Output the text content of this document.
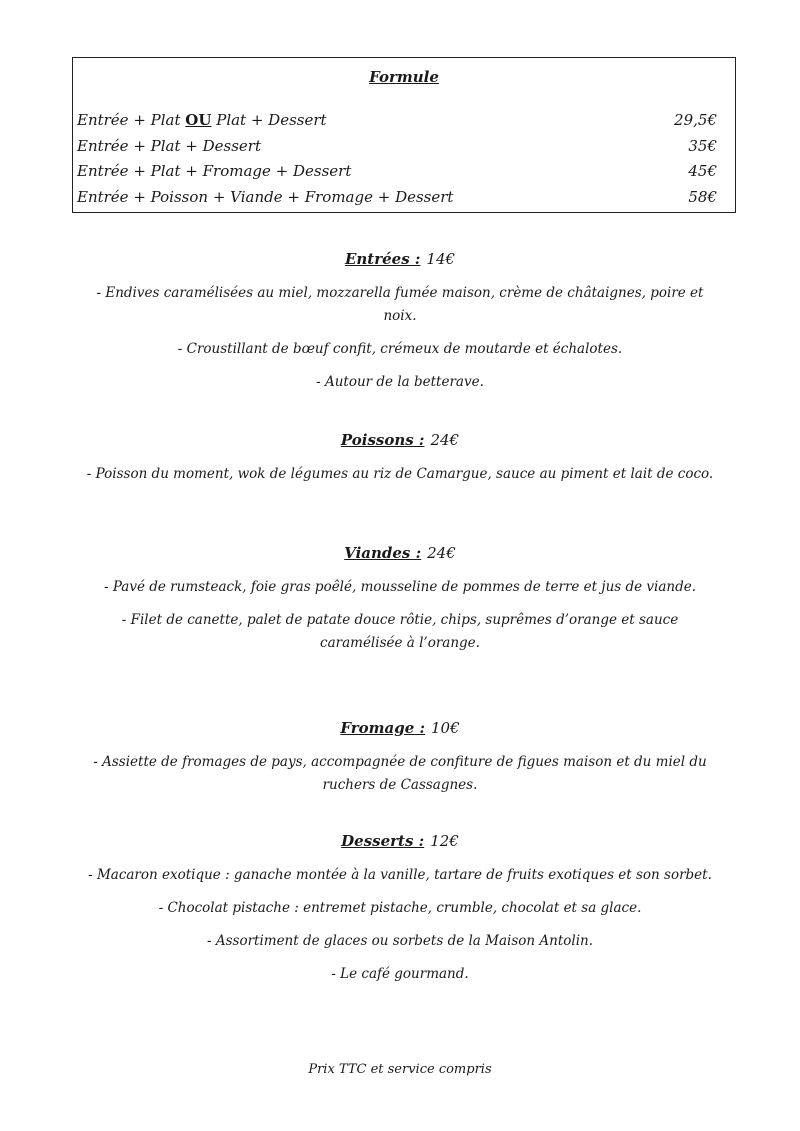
Formule
Entrée + Plat OU Plat + Dessert	29,5€
Entrée + Plat + Dessert	35€
Entrée + Plat + Fromage + Dessert	45€
Entrée + Poisson + Viande + Fromage + Dessert	58€
Entrées : 14€
- Endives caramélisées au miel, mozzarella fumée maison, crème de châtaignes, poire et noix.
- Croustillant de bœuf confit, crémeux de moutarde et échalotes.
- Autour de la betterave.
Poissons : 24€
- Poisson du moment, wok de légumes au riz de Camargue, sauce au piment et lait de coco.
Viandes : 24€
- Pavé de rumsteack, foie gras poêlé, mousseline de pommes de terre et jus de viande.
- Filet de canette, palet de patate douce rôtie, chips, suprêmes d’orange et sauce caramélisée à l’orange.
Fromage : 10€
- Assiette de fromages de pays, accompagnée de confiture de figues maison et du miel du ruchers de Cassagnes.
Desserts : 12€
- Macaron exotique : ganache montée à la vanille, tartare de fruits exotiques et son sorbet.
- Chocolat pistache : entremet pistache, crumble, chocolat et sa glace.
- Assortiment de glaces ou sorbets de la Maison Antolin.
- Le café gourmand.
Prix TTC et service compris
